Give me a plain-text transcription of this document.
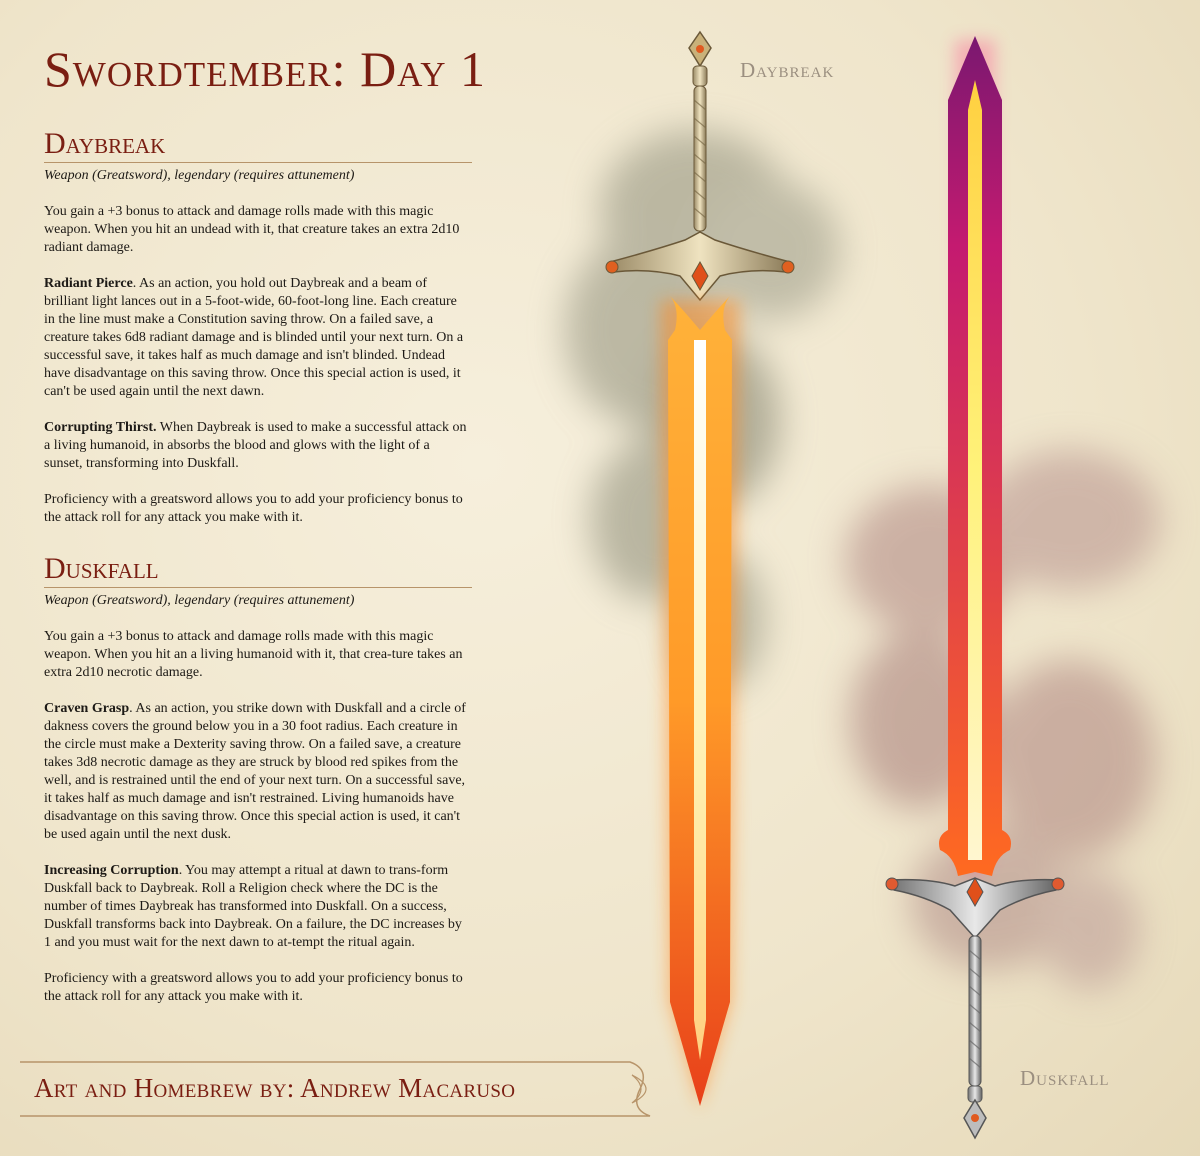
Swordtember: Day 1	Daybreak
Duskfall
Daybreak

Weapon (Greatsword), legendary (requires attunement)

You gain a +3 bonus to attack and damage rolls made with this magic weapon. When you hit an undead with it, that creature takes an extra 2d10 radiant damage.

Radiant Pierce. As an action, you hold out Daybreak and a beam of brilliant light lances out in a 5-foot-wide, 60-foot-long line. Each creature in the line must make a Constitution saving throw. On a failed save, a creature takes 6d8 radiant damage and is blinded until your next turn. On a successful save, it takes half as much damage and isn't blinded. Undead have disadvantage on this saving throw. Once this special action is used, it can't be used again until the next dawn.

Corrupting Thirst. When Daybreak is used to make a successful attack on a living humanoid, in absorbs the blood and glows with the light of a sunset, transforming into Duskfall.

Proficiency with a greatsword allows you to add your proficiency bonus to the attack roll for any attack you make with it.

Duskfall

Weapon (Greatsword), legendary (requires attunement)

You gain a +3 bonus to attack and damage rolls made with this magic weapon. When you hit an a living humanoid with it, that crea-ture takes an extra 2d10 necrotic damage.

Craven Grasp. As an action, you strike down with Duskfall and a circle of dakness covers the ground below you in a 30 foot radius. Each creature in the circle must make a Dexterity saving throw. On a failed save, a creature takes 3d8 necrotic damage as they are struck by blood red spikes from the well, and is restrained until the end of your next turn. On a successful save, it takes half as much damage and isn't restrained. Living humanoids have disadvantage on this saving throw. Once this special action is used, it can't be used again until the next dusk.

Increasing Corruption. You may attempt a ritual at dawn to trans-form Duskfall back to Daybreak. Roll a Religion check where the DC is the number of times Daybreak has transformed into Duskfall. On a success, Duskfall transforms back into Daybreak. On a failure, the DC increases by 1 and you must wait for the next dawn to at-tempt the ritual again.

Proficiency with a greatsword allows you to add your proficiency bonus to the attack roll for any attack you make with it.

Art and Homebrew by: Andrew Macaruso
